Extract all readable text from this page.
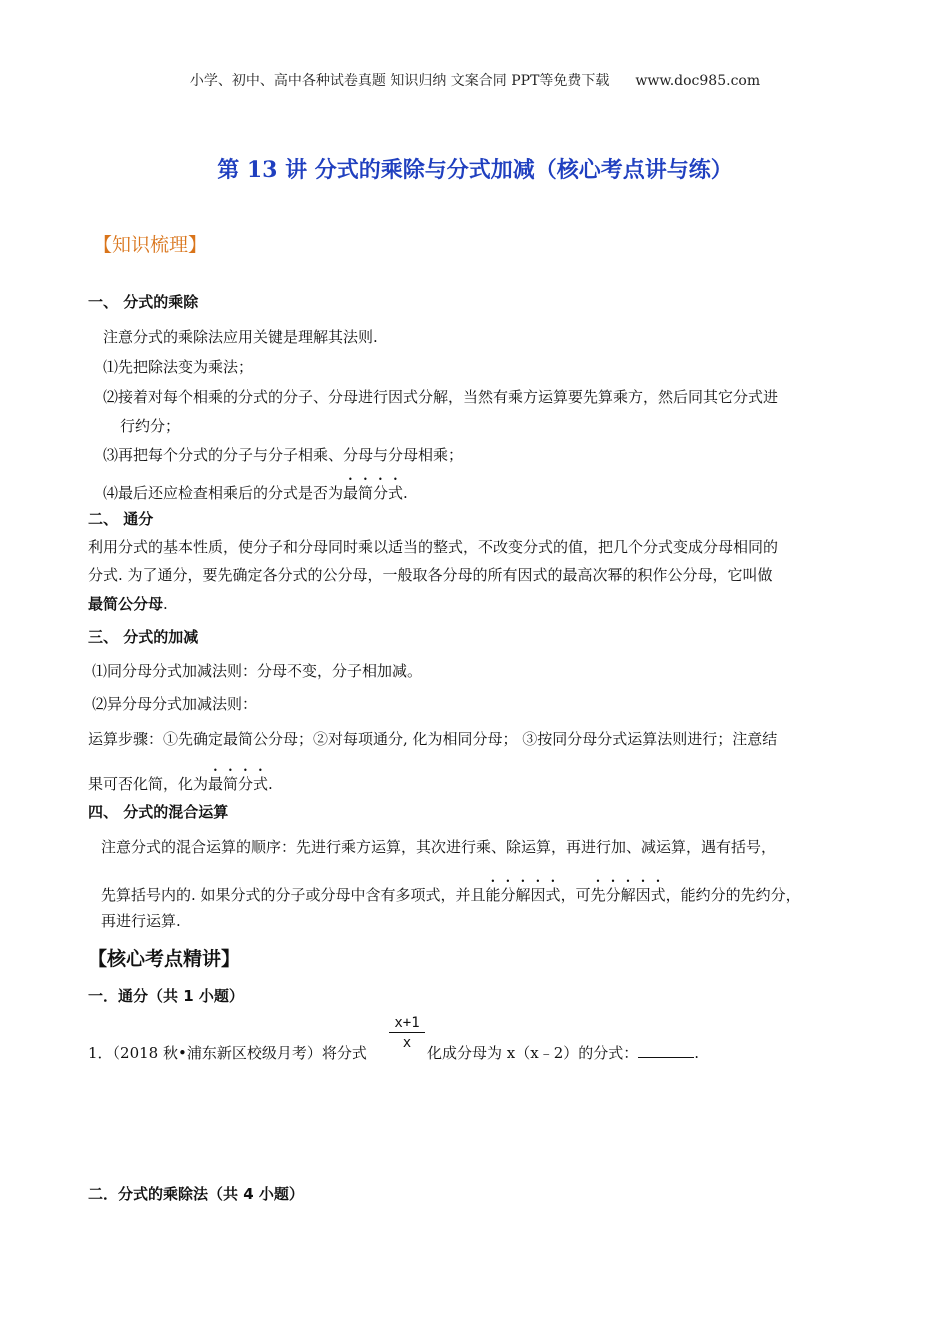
小学、初中、高中各种试卷真题 知识归纳 文案合同 PPT等免费下载 www.doc985.com
第 13 讲 分式的乘除与分式加减（核心考点讲与练）
【知识梳理】
一、 分式的乘除
注意分式的乘除法应用关键是理解其法则.
⑴先把除法变为乘法；
⑵接着对每个相乘的分式的分子、分母进行因式分解，当然有乘方运算要先算乘方，然后同其它分式进
行约分；
⑶再把每个分式的分子与分子相乘、分母与分母相乘；
⑷最后还应检查相乘后的分式是否为最简分式.
二、 通分
利用分式的基本性质，使分子和分母同时乘以适当的整式，不改变分式的值，把几个分式变成分母相同的
分式. 为了通分，要先确定各分式的公分母，一般取各分母的所有因式的最高次幂的积作公分母，它叫做
最简公分母.
三、 分式的加减
⑴同分母分式加减法则：分母不变，分子相加减。
⑵异分母分式加减法则：
运算步骤：①先确定最简公分母；②对每项通分, 化为相同分母； ③按同分母分式运算法则进行；注意结
果可否化简，化为最简分式.
四、 分式的混合运算
注意分式的混合运算的顺序：先进行乘方运算，其次进行乘、除运算，再进行加、减运算，遇有括号，
先算括号内的. 如果分式的分子或分母中含有多项式，并且能分解因式，可先分解因式，能约分的先约分，
再进行运算.
【核心考点精讲】
一．通分（共 1 小题）
1．（2018 秋•浦东新区校级月考）将分式
$\frac{x+1}{x}$
化成分母为 x（x﹣2）的分式：	.
二．分式的乘除法（共 4 小题）
